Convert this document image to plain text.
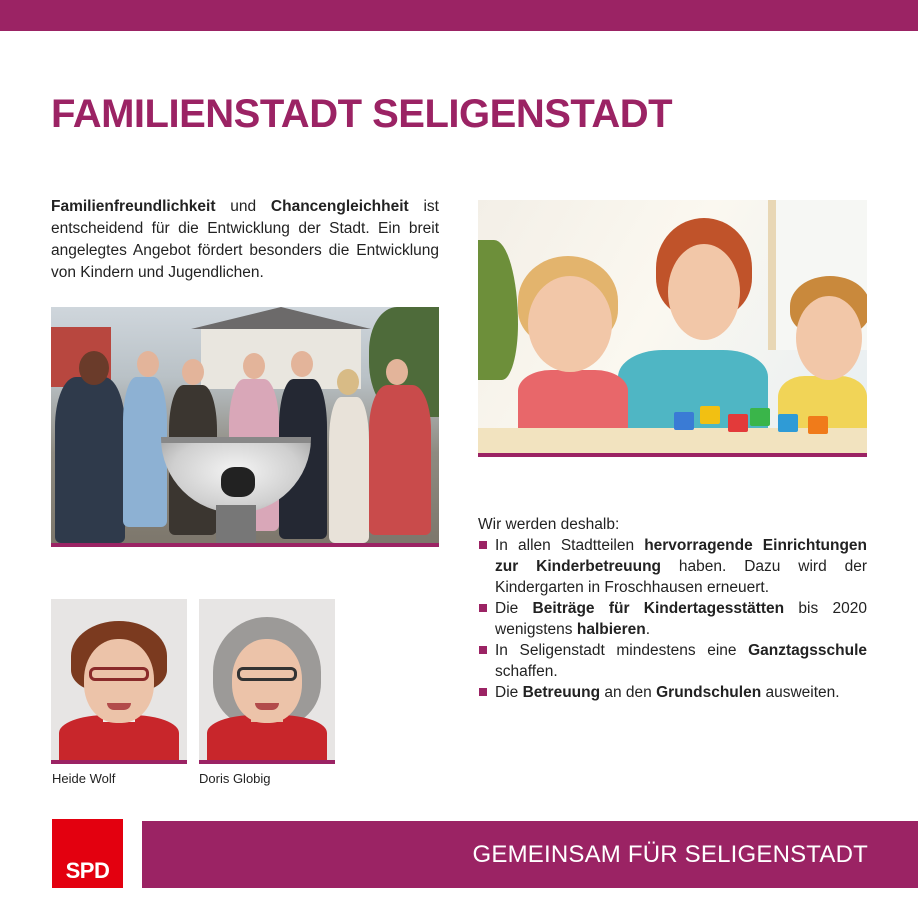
FAMILIENSTADT SELIGENSTADT

Familienfreundlichkeit und Chancengleichheit ist entscheidend für die Entwicklung der Stadt. Ein breit angelegtes Angebot fördert besonders die Entwicklung von Kindern und Jugendlichen.

Heide Wolf	Doris Globig

Wir werden deshalb:

In allen Stadtteilen hervorragende Einrichtungen zur Kinderbetreuung haben. Dazu wird der Kindergarten in Froschhausen erneuert.
Die Beiträge für Kindertagesstätten bis 2020 wenigstens halbieren.
In Seligenstadt mindestens eine Ganztagsschule schaffen.
Die Betreuung an den Grundschulen ausweiten.
SPD
GEMEINSAM FÜR SELIGENSTADT
